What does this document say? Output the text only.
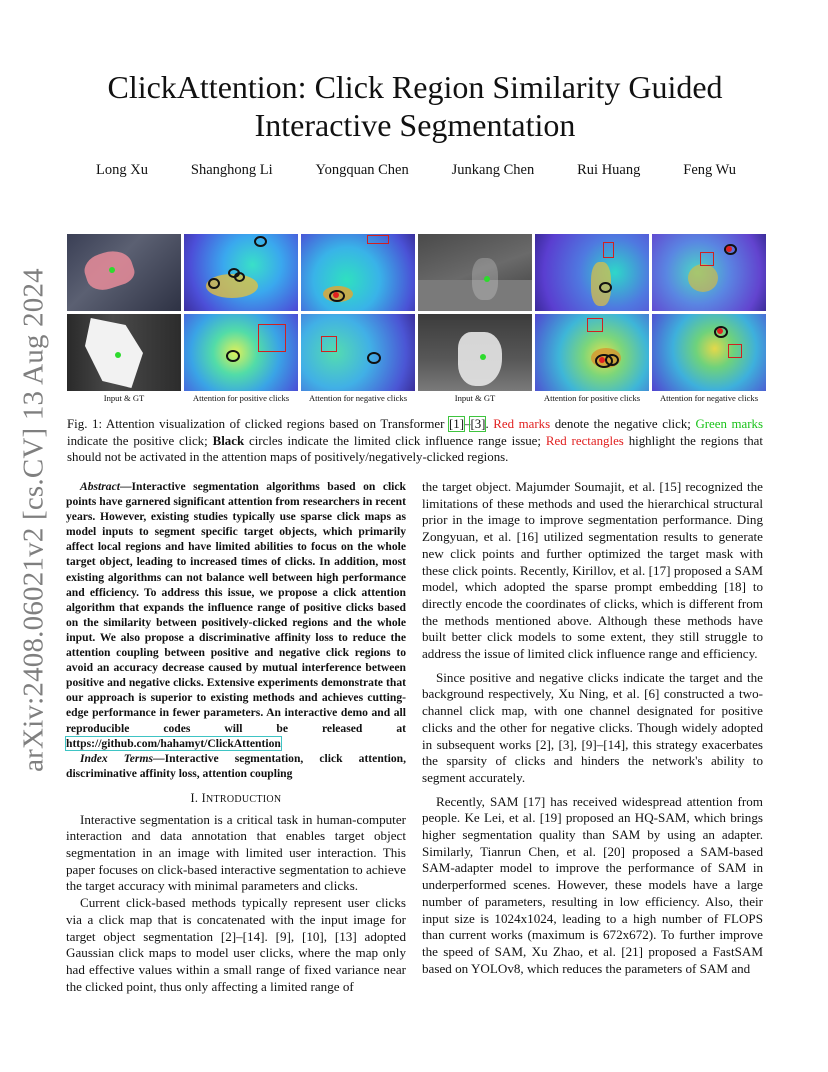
arXiv:2408.06021v2 [cs.CV] 13 Aug 2024
ClickAttention: Click Region Similarity Guided
Interactive Segmentation
Long Xu	Shanghong Li	Yongquan Chen	Junkang Chen	Rui Huang	Feng Wu
Input & GT	Attention for positive clicks	Attention for negative clicks	Input & GT	Attention for positive clicks	Attention for negative clicks
Fig. 1: Attention visualization of clicked regions based on Transformer [1]–[3]. Red marks denote the negative click; Green marks indicate the positive click; Black circles indicate the limited click influence range issue; Red rectangles highlight the regions that should not be activated in the attention maps of positively/negatively-clicked regions.

Abstract—Interactive segmentation algorithms based on click points have garnered significant attention from researchers in recent years. However, existing studies typically use sparse click maps as model inputs to segment specific target objects, which primarily affect local regions and have limited abilities to focus on the whole target object, leading to increased times of clicks. In addition, most existing algorithms can not balance well between high performance and efficiency. To address this issue, we propose a click attention algorithm that expands the influence range of positive clicks based on the similarity between positively-clicked regions and the whole input. We also propose a discriminative affinity loss to reduce the attention coupling between positive and negative click regions to avoid an accuracy decrease caused by mutual interference between positive and negative clicks. Extensive experiments demonstrate that our approach is superior to existing methods and achieves cutting-edge performance in fewer parameters. An interactive demo and all reproducible codes will be released at https://github.com/hahamyt/ClickAttention

Index Terms—Interactive segmentation, click attention, discriminative affinity loss, attention coupling

I. INTRODUCTION

Interactive segmentation is a critical task in human-computer interaction and data annotation that enables target object segmentation in an image with limited user interaction. This paper focuses on click-based interactive segmentation to achieve the target accuracy with minimal parameters and clicks.

Current click-based methods typically represent user clicks via a click map that is concatenated with the input image for target object segmentation [2]–[14]. [9], [10], [13] adopted Gaussian click maps to model user clicks, where the map only had effective values within a small range of fixed variance near the clicked point, thus only affecting a limited range of

the target object. Majumder Soumajit, et al. [15] recognized the limitations of these methods and used the hierarchical structural prior in the image to improve segmentation performance. Ding Zongyuan, et al. [16] utilized segmentation results to generate new click points and further optimized the target mask with these click points. Recently, Kirillov, et al. [17] proposed a SAM model, which adopted the sparse prompt embedding [18] to directly encode the coordinates of clicks, which is different from the methods mentioned above. Although these methods have built better click models to some extent, they still struggle to address the issue of limited click influence range and efficiency.

Since positive and negative clicks indicate the target and the background respectively, Xu Ning, et al. [6] constructed a two-channel click map, with one channel designated for positive clicks and the other for negative clicks. Though widely adopted in subsequent works [2], [3], [9]–[14], this strategy exacerbates the sparsity of clicks and hinders the network's ability to segment accurately.

Recently, SAM [17] has received widespread attention from people. Ke Lei, et al. [19] proposed an HQ-SAM, which brings higher segmentation quality than SAM by using an adapter. Similarly, Tianrun Chen, et al. [20] proposed a SAM-based SAM-adapter model to improve the performance of SAM in underperformed scenes. However, these models have a large number of parameters, resulting in low efficiency. Also, their input size is 1024x1024, leading to a high number of FLOPS than current works (maximum is 672x672). To further improve the speed of SAM, Xu Zhao, et al. [21] proposed a FastSAM based on YOLOv8, which reduces the parameters of SAM and
